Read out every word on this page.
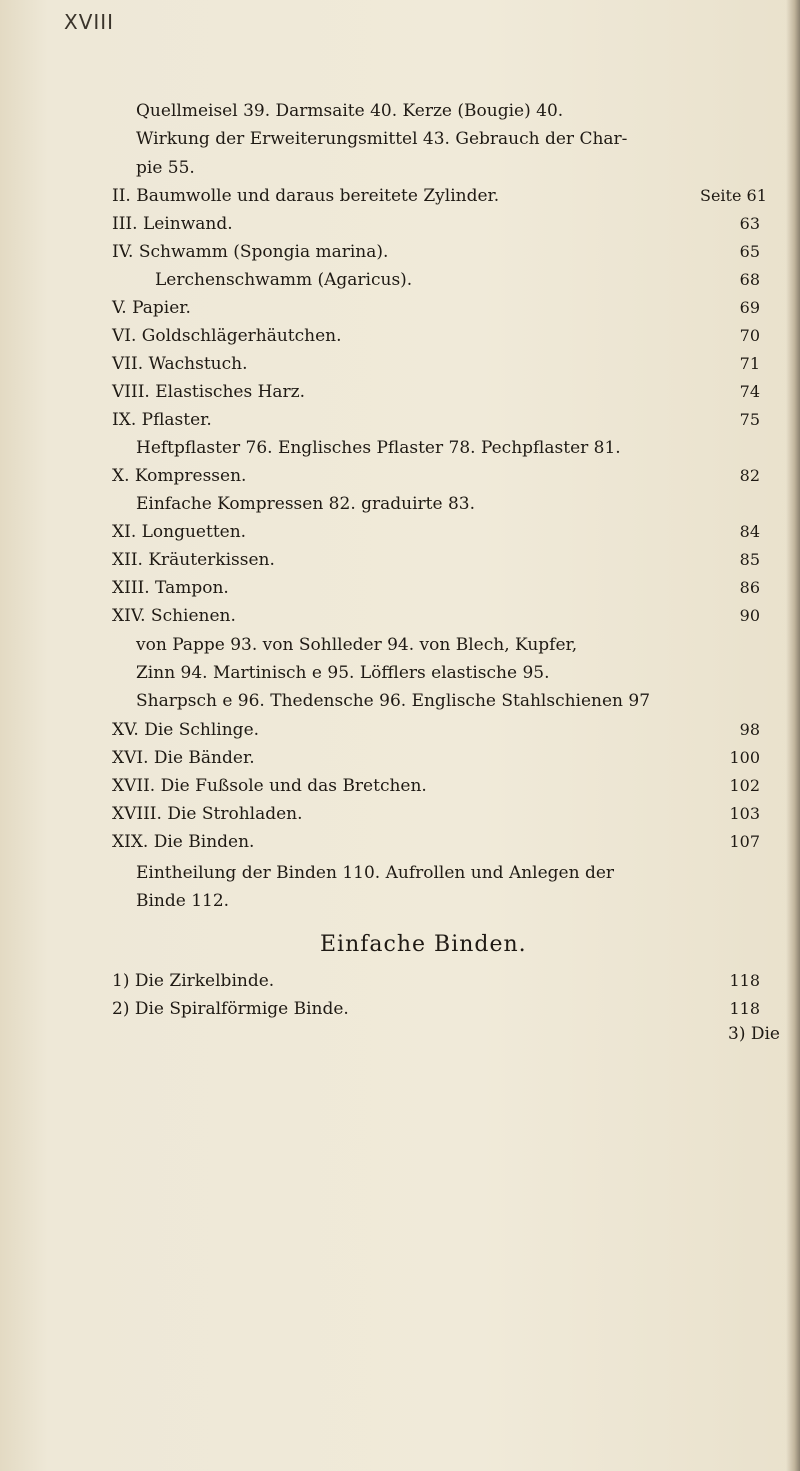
XVIII
Quellmeisel 39. Darmsaite 40. Kerze (Bougie) 40.
Wirkung der Erweiterungsmittel 43. Gebrauch der Char-
pie 55.
II. Baumwolle und daraus bereitete Zylinder.	Seite 61
III. Leinwand.	63
IV. Schwamm (Spongia marina).	65
Lerchenschwamm (Agaricus).	68
V. Papier.	69
VI. Goldschlägerhäutchen.	70
VII. Wachstuch.	71
VIII. Elastisches Harz.	74
IX. Pflaster.	75
Heftpflaster 76. Englisches Pflaster 78. Pechpflaster 81.
X. Kompressen.	82
Einfache Kompressen 82. graduirte 83.
XI. Longuetten.	84
XII. Kräuterkissen.	85
XIII. Tampon.	86
XIV. Schienen.	90
von Pappe 93. von Sohlleder 94. von Blech, Kupfer,
Zinn 94. Martinisch e 95. Löfflers elastische 95.
Sharpsch e 96. Thedensche 96. Englische Stahlschienen 97
XV. Die Schlinge.	98
XVI. Die Bänder.	100
XVII. Die Fußsole und das Bretchen.	102
XVIII. Die Strohladen.	103
XIX. Die Binden.	107
Eintheilung der Binden 110. Aufrollen und Anlegen der
Binde 112.
Einfache Binden.
1) Die Zirkelbinde.	118
2) Die Spiralförmige Binde.	118
3) Die
